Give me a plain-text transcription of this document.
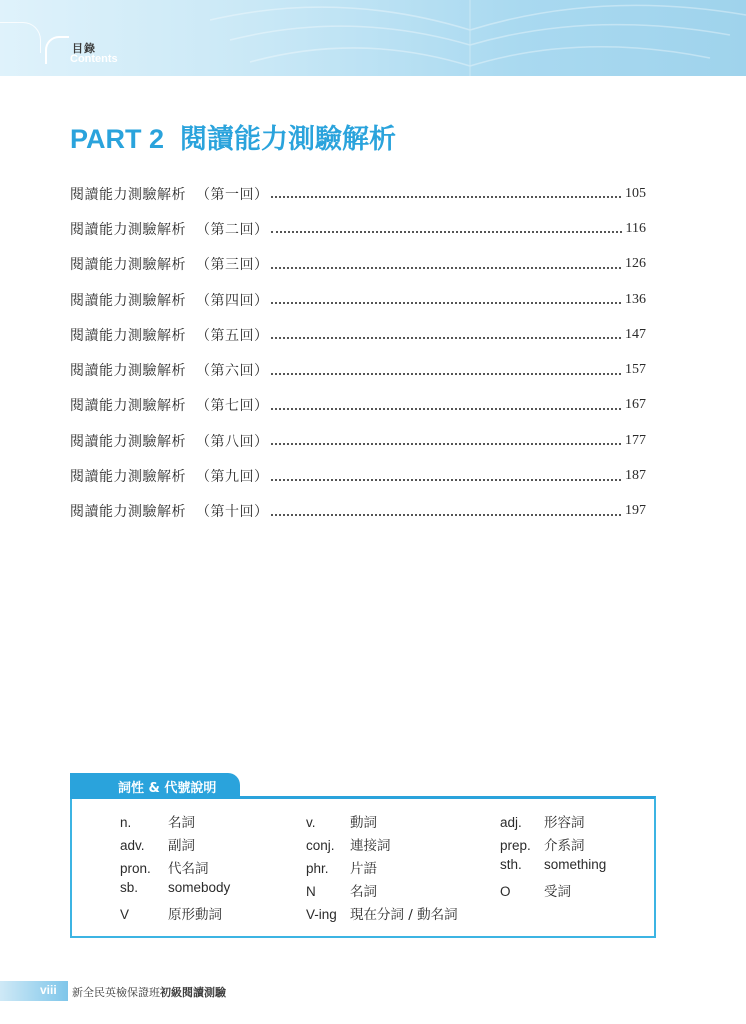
目錄
Contents
PART 2 閱讀能力測驗解析
閱讀能力測驗解析 （第一回）	105
閱讀能力測驗解析 （第二回）	116
閱讀能力測驗解析 （第三回）	126
閱讀能力測驗解析 （第四回）	136
閱讀能力測驗解析 （第五回）	147
閱讀能力測驗解析 （第六回）	157
閱讀能力測驗解析 （第七回）	167
閱讀能力測驗解析 （第八回）	177
閱讀能力測驗解析 （第九回）	187
閱讀能力測驗解析 （第十回）	197
n.	名詞	v.	動詞	adj. 形容詞
adv. 副詞	conj. 連接詞	prep. 介系詞
pron. 代名詞	phr. 片語	sth. something
sb. somebody	N	名詞	O 受詞
V	原形動詞	V-ing 現在分詞 / 動名詞
詞性 & 代號說明
viii 新全民英檢保證班初級閱讀測驗
